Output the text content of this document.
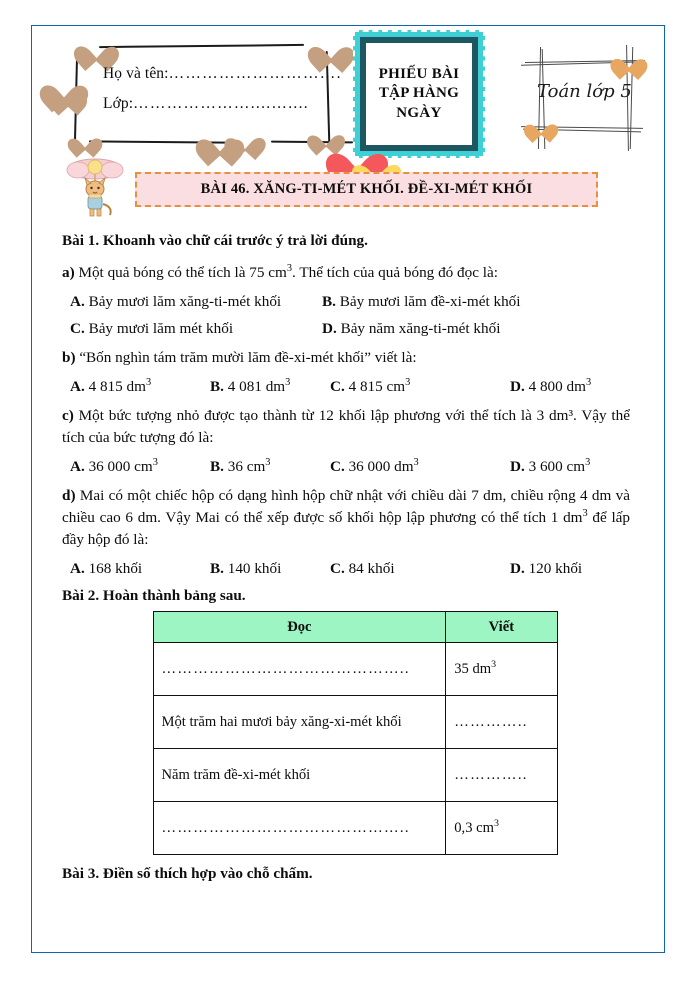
Họ và tên:………………………….
Lớp:…………………....…....
PHIẾU BÀI
TẬP HÀNG
NGÀY
Toán lớp 5
BÀI 46. XĂNG-TI-MÉT KHỐI. ĐỀ-XI-MÉT KHỐI

Bài 1. Khoanh vào chữ cái trước ý trả lời đúng.

a) Một quả bóng có thể tích là 75 $cm^3$. Thể tích của quả bóng đó đọc là:

A. Bảy mươi lăm xăng-ti-mét khối	B. Bảy mươi lăm đề-xi-mét khối
C. Bảy mươi lăm mét khối	D. Bảy năm xăng-ti-mét khối

b) “Bốn nghìn tám trăm mười lăm đề-xi-mét khối” viết là:

A. 4 815 $dm^3$	B. 4 081 $dm^3$	C. 4 815 $cm^3$	D. 4 800 $dm^3$

c) Một bức tượng nhỏ được tạo thành từ 12 khối lập phương với thể tích là 3 dm³. Vậy thể tích của bức tượng đó là:

A. 36 000 $cm^3$	B. 36 $cm^3$	C. 36 000 $dm^3$	D. 3 600 $cm^3$

d) Mai có một chiếc hộp có dạng hình hộp chữ nhật với chiều dài 7 dm, chiều rộng 4 dm và chiều cao 6 dm. Vậy Mai có thể xếp được số khối hộp lập phương có thể tích 1 $dm^3$ để lấp đầy hộp đó là:

A. 168 khối	B. 140 khối	C. 84 khối	D. 120 khối

Bài 2. Hoàn thành bảng sau.

Đọc	Viết
………………………………………..	35 $dm^3$
Một trăm hai mươi bảy xăng-xi-mét khối	…………..
Năm trăm đề-xi-mét khối	…………..
………………………………………..	0,3 $cm^3$

Bài 3. Điền số thích hợp vào chỗ chấm.
